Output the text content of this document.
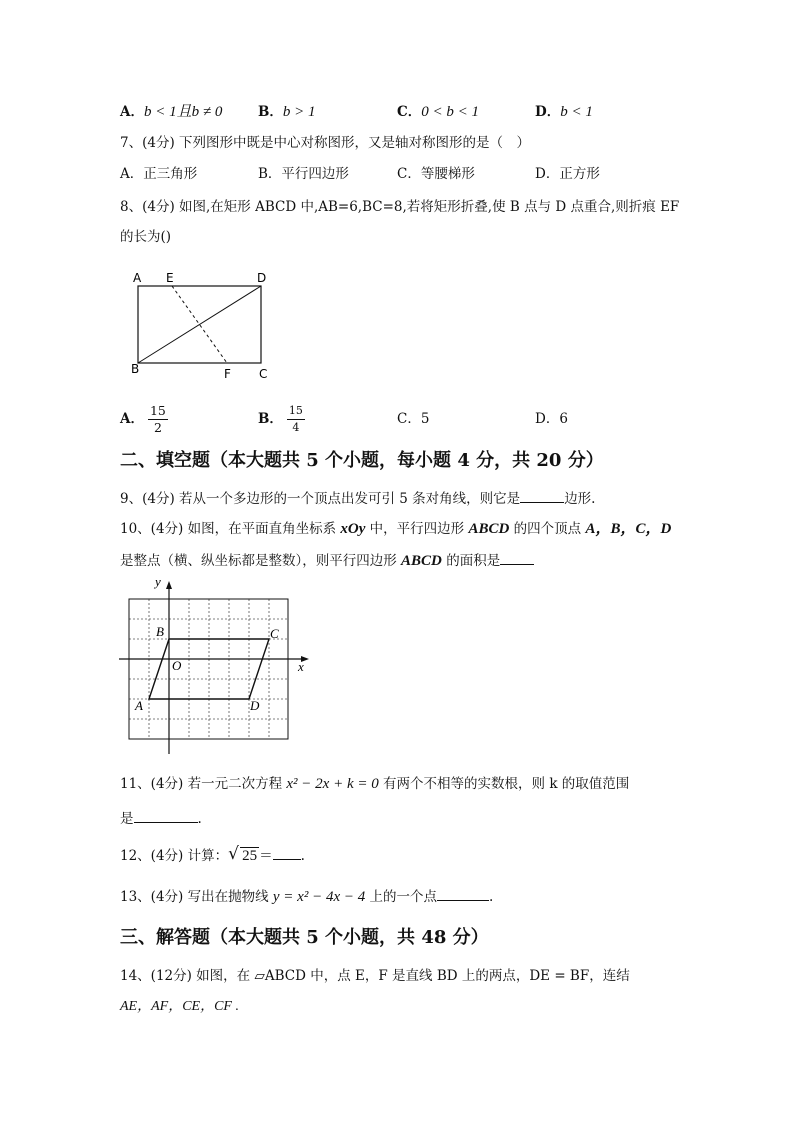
A．b < 1且b ≠ 0	B．b > 1	C．0 < b < 1	D．b < 1
7、(4分) 下列图形中既是中心对称图形，又是轴对称图形的是（　）
A．正三角形	B．平行四边形	C．等腰梯形	D．正方形
8、(4分) 如图,在矩形 ABCD 中,AB=6,BC=8,若将矩形折叠,使 B 点与 D 点重合,则折痕 EF
的长为()
A E	D
B	F C
A． $\frac{15}{2}$	B． $\frac{15}{4}$	C．5	D．6
二、填空题（本大题共 5 个小题，每小题 4 分，共 20 分）
9、(4分) 若从一个多边形的一个顶点出发可引 5 条对角线，则它是	边形.
10、(4分) 如图，在平面直角坐标系 xOy 中，平行四边形 ABCD 的四个顶点 A，B，C，D
是整点（横、纵坐标都是整数），则平行四边形 ABCD 的面积是
y
x
O
A
B	C
D
11、(4分) 若一元二次方程 x² − 2x + k = 0 有两个不相等的实数根，则 k 的取值范围
是	.
12、(4分) 计算： √ 25 ＝ .
13、(4分) 写出在抛物线 y = x² − 4x − 4 上的一个点	.
三、解答题（本大题共 5 个小题，共 48 分）
14、(12分) 如图，在 ▱ABCD 中，点 E，F 是直线 BD 上的两点，DE = BF，连结
AE，AF，CE，CF .
